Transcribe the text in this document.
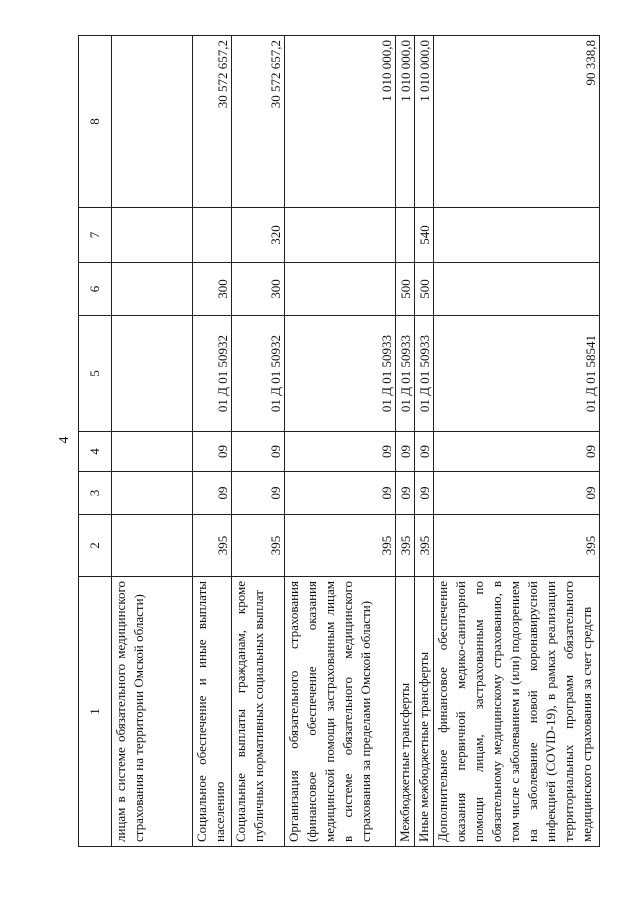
4
1	2	3	4	5	6	7	8
лицам в системе обязательного медицинского страхования на территории Омской области)							
Социальное обеспечение и иные выплаты населению	395	09	09	01 Д 01 50932	300		30 572 657,2
Социальные выплаты гражданам, кроме публичных нормативных социальных выплат	395	09	09	01 Д 01 50932	300	320	30 572 657,2
Организация обязательного страхования (финансовое обеспечение оказания медицинской помощи застрахованным лицам в системе обязательного медицинского страхования за пределами Омской области)	395	09	09	01 Д 01 50933			1 010 000,0
Межбюджетные трансферты	395	09	09	01 Д 01 50933	500		1 010 000,0
Иные межбюджетные трансферты	395	09	09	01 Д 01 50933	500	540	1 010 000,0
Дополнительное финансовое обеспечение оказания первичной медико-санитарной помощи лицам, застрахованным по обязательному медицинскому страхованию, в том числе с заболеванием и (или) подозрением на заболевание новой коронавирусной инфекцией (COVID-19), в рамках реализации территориальных программ обязательного медицинского страхования за счет средств	395	09	09	01 Д 01 58541			90 338,8
